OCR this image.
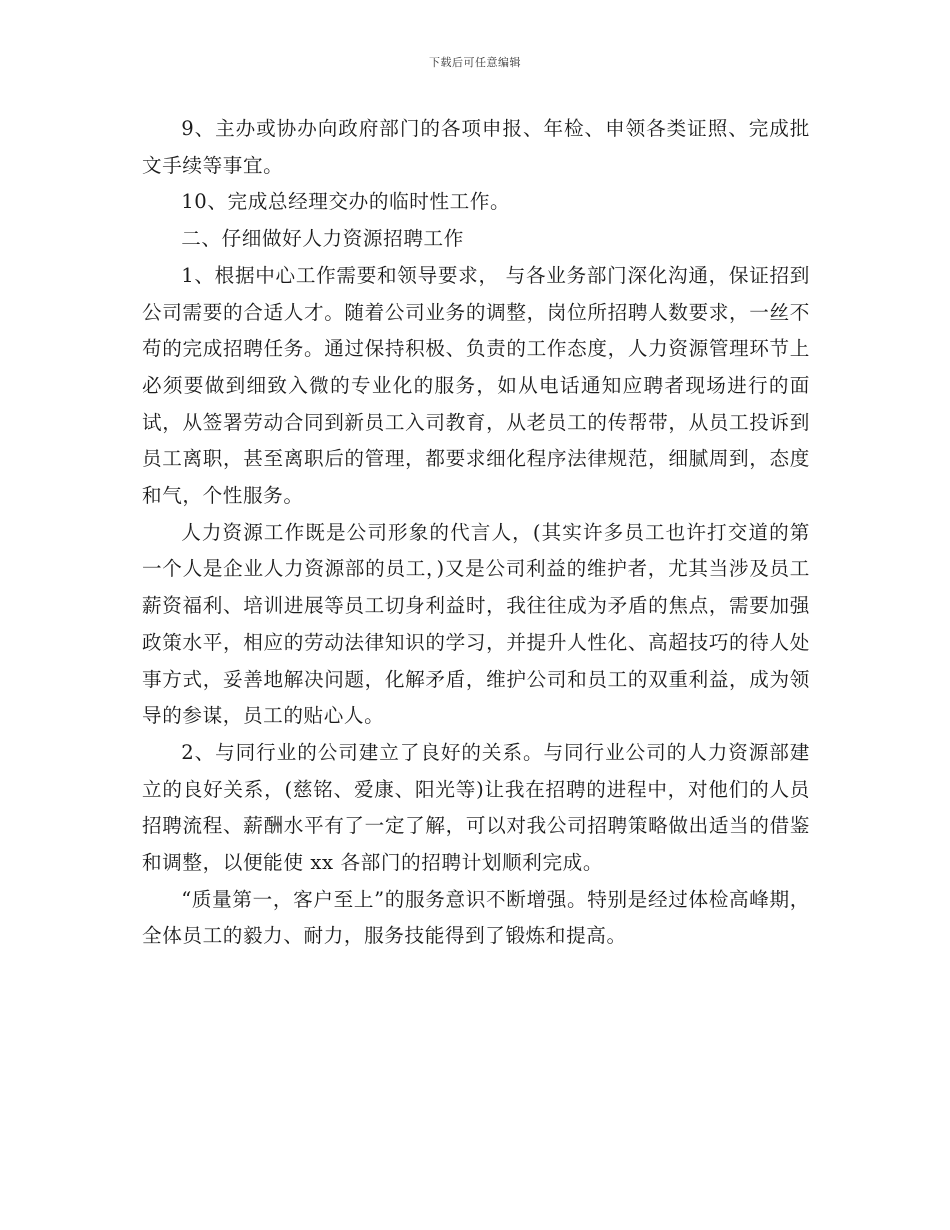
下载后可任意编辑

9、主办或协办向政府部门的各项申报、年检、申领各类证照、完成批文手续等事宜。

10、完成总经理交办的临时性工作。

二、仔细做好人力资源招聘工作

1、根据中心工作需要和领导要求， 与各业务部门深化沟通，保证招到公司需要的合适人才。随着公司业务的调整，岗位所招聘人数要求，一丝不苟的完成招聘任务。通过保持积极、负责的工作态度，人力资源管理环节上必须要做到细致入微的专业化的服务，如从电话通知应聘者现场进行的面试，从签署劳动合同到新员工入司教育，从老员工的传帮带，从员工投诉到员工离职，甚至离职后的管理，都要求细化程序法律规范，细腻周到，态度和气，个性服务。

人力资源工作既是公司形象的代言人，(其实许多员工也许打交道的第一个人是企业人力资源部的员工，)又是公司利益的维护者，尤其当涉及员工薪资福利、培训进展等员工切身利益时，我往往成为矛盾的焦点，需要加强政策水平，相应的劳动法律知识的学习，并提升人性化、高超技巧的待人处事方式，妥善地解决问题，化解矛盾，维护公司和员工的双重利益，成为领导的参谋，员工的贴心人。

2、与同行业的公司建立了良好的关系。与同行业公司的人力资源部建立的良好关系，(慈铭、爱康、阳光等)让我在招聘的进程中，对他们的人员招聘流程、薪酬水平有了一定了解，可以对我公司招聘策略做出适当的借鉴和调整，以便能使 xx 各部门的招聘计划顺利完成。

“质量第一，客户至上”的服务意识不断增强。特别是经过体检高峰期，全体员工的毅力、耐力，服务技能得到了锻炼和提高。
